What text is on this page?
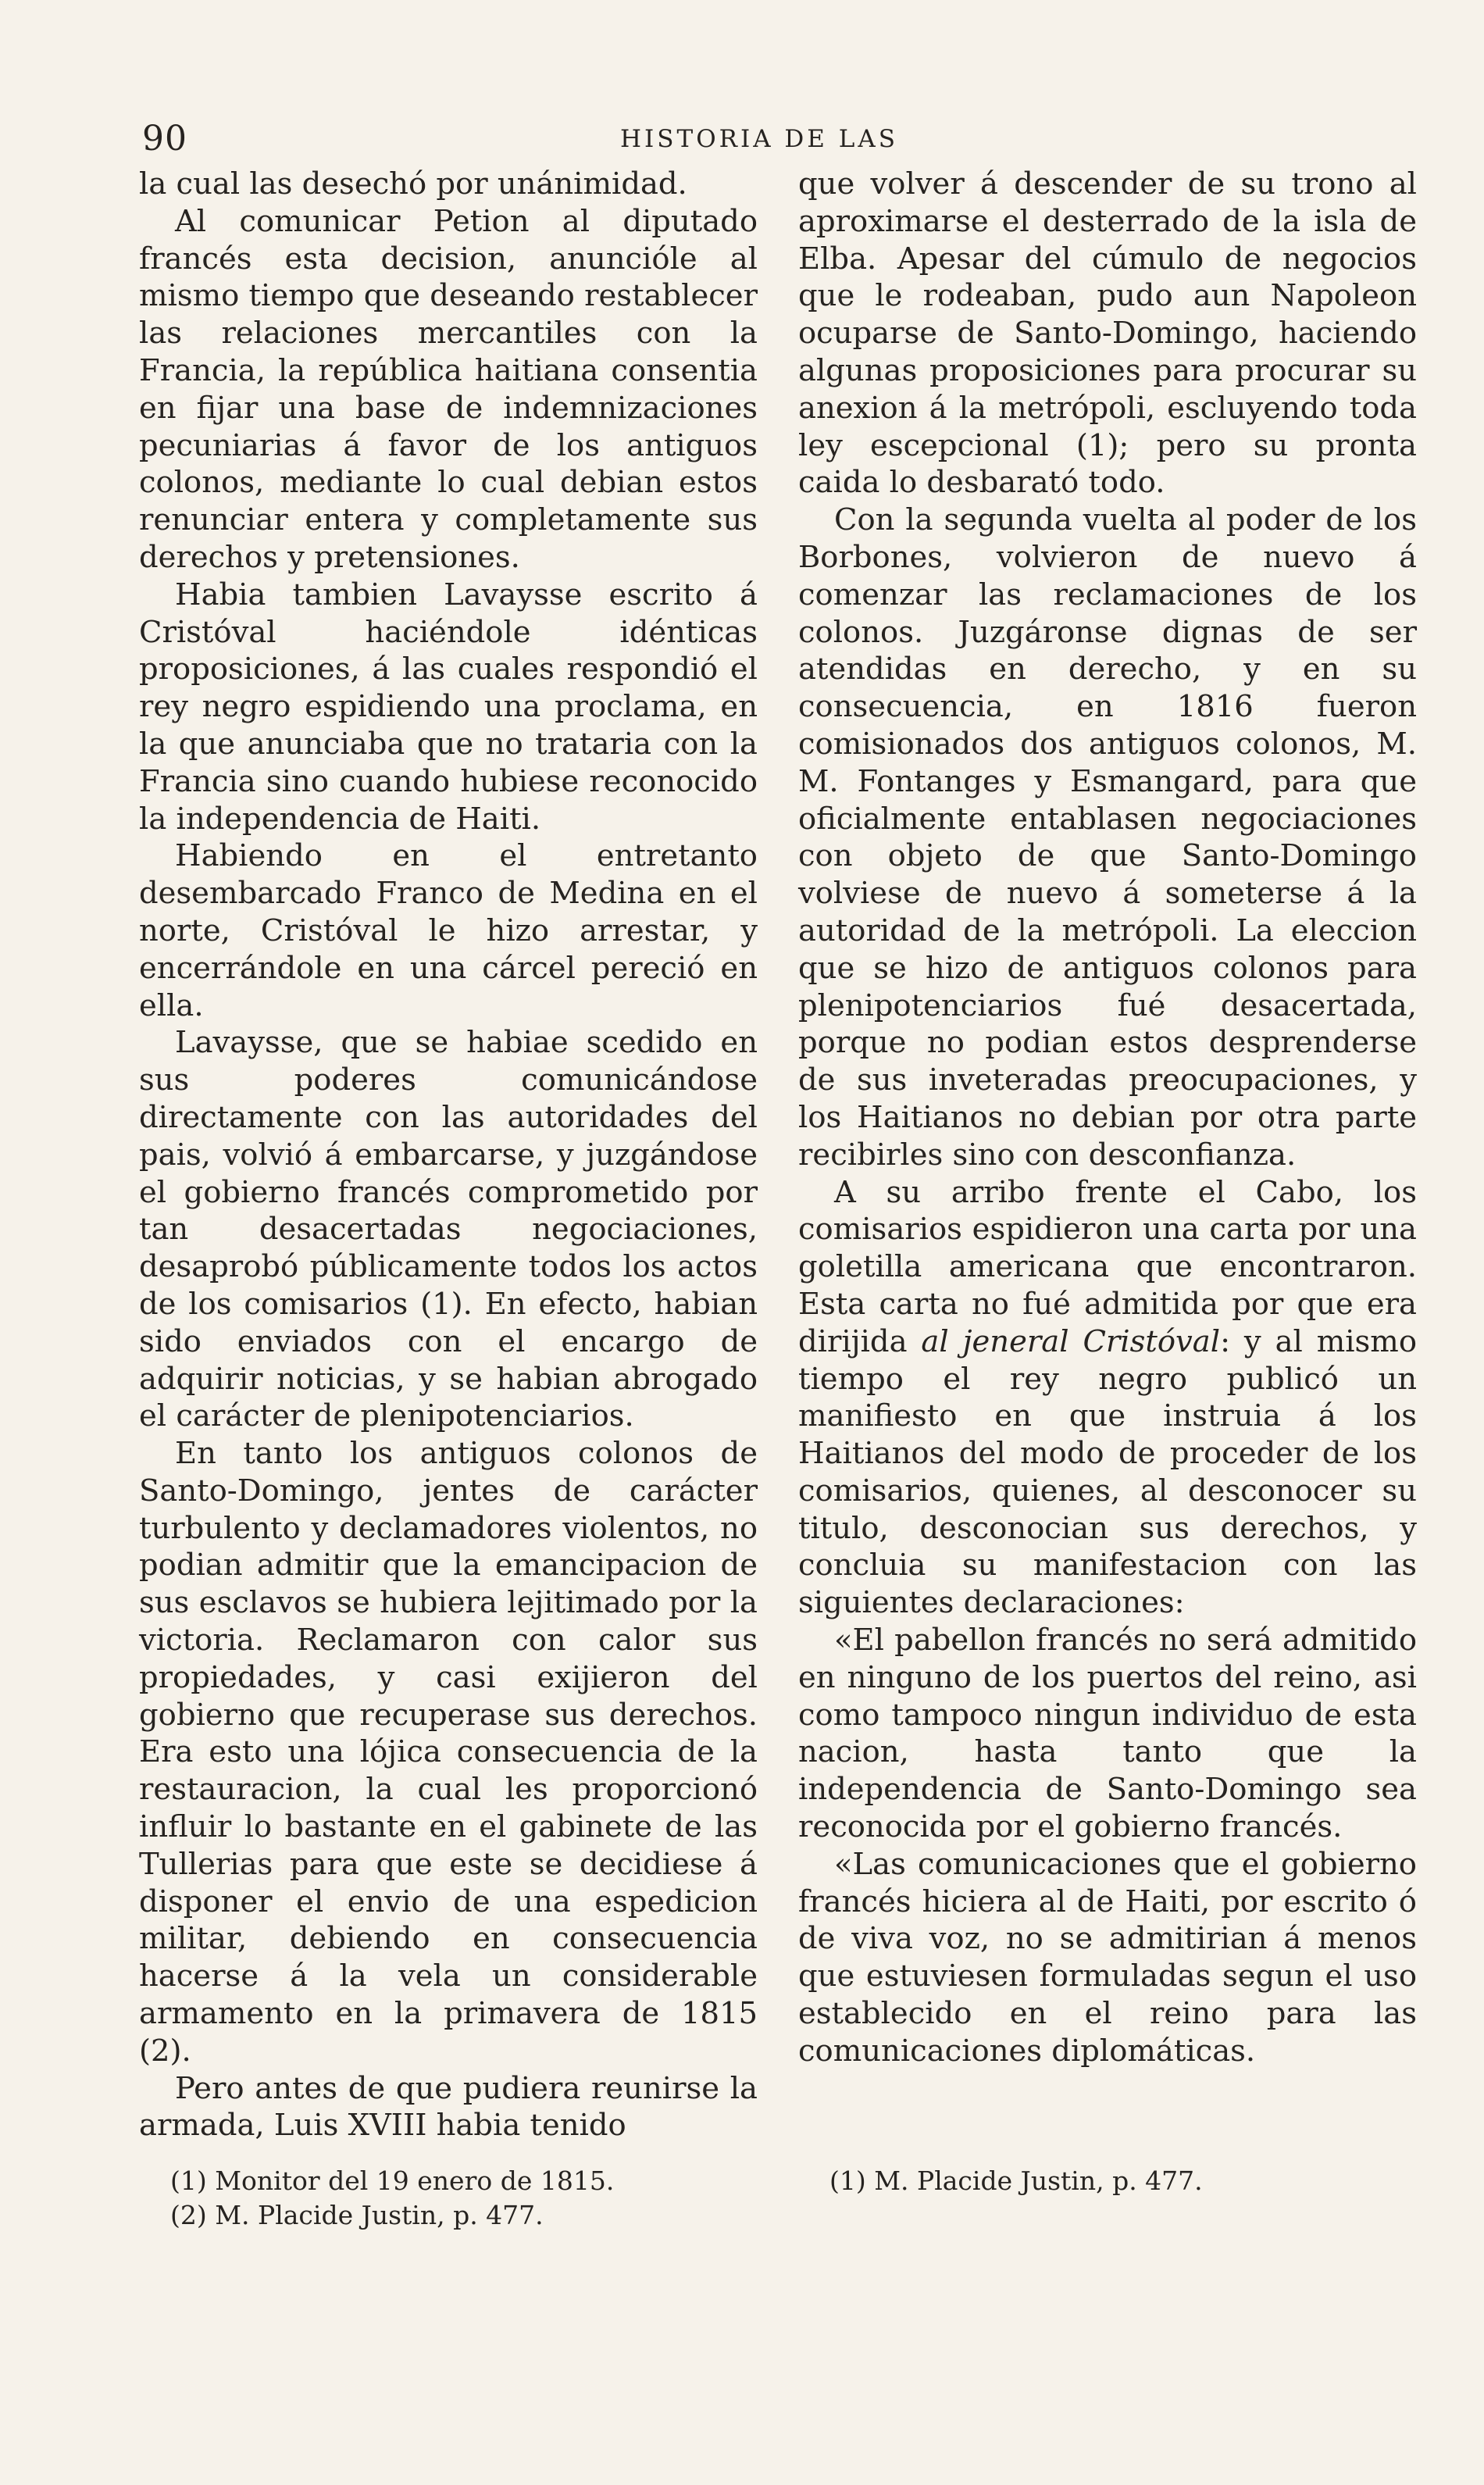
90	HISTORIA DE LAS

la cual las desechó por unánimidad.

Al comunicar Petion al diputado francés esta decision, anuncióle al mismo tiempo que deseando restablecer las relaciones mercantiles con la Francia, la república haitiana consentia en fijar una base de indemnizaciones pecuniarias á favor de los antiguos colonos, mediante lo cual debian estos renunciar entera y completamente sus derechos y pretensiones.

Habia tambien Lavaysse escrito á Cristóval haciéndole idénticas proposiciones, á las cuales respondió el rey negro espidiendo una proclama, en la que anunciaba que no trataria con la Francia sino cuando hubiese reconocido la independencia de Haiti.

Habiendo en el entretanto desembarcado Franco de Medina en el norte, Cristóval le hizo arrestar, y encerrándole en una cárcel pereció en ella.

Lavaysse, que se habiae scedido en sus poderes comunicándose directamente con las autoridades del pais, volvió á embarcarse, y juzgándose el gobierno francés comprometido por tan desacertadas negociaciones, desaprobó públicamente todos los actos de los comisarios (1). En efecto, habian sido enviados con el encargo de adquirir noticias, y se habian abrogado el carácter de plenipotenciarios.

En tanto los antiguos colonos de Santo-Domingo, jentes de carácter turbulento y declamadores violentos, no podian admitir que la emancipacion de sus esclavos se hubiera lejitimado por la victoria. Reclamaron con calor sus propiedades, y casi exijieron del gobierno que recuperase sus derechos. Era esto una lójica consecuencia de la restauracion, la cual les proporcionó influir lo bastante en el gabinete de las Tullerias para que este se decidiese á disponer el envio de una espedicion militar, debiendo en consecuencia hacerse á la vela un considerable armamento en la primavera de 1815 (2).

Pero antes de que pudiera reunirse la armada, Luis XVIII habia tenido

que volver á descender de su trono al aproximarse el desterrado de la isla de Elba. Apesar del cúmulo de negocios que le rodeaban, pudo aun Napoleon ocuparse de Santo-Domingo, haciendo algunas proposiciones para procurar su anexion á la metrópoli, escluyendo toda ley escepcional (1); pero su pronta caida lo desbarató todo.

Con la segunda vuelta al poder de los Borbones, volvieron de nuevo á comenzar las reclamaciones de los colonos. Juzgáronse dignas de ser atendidas en derecho, y en su consecuencia, en 1816 fueron comisionados dos antiguos colonos, M. M. Fontanges y Esmangard, para que oficialmente entablasen negociaciones con objeto de que Santo-Domingo volviese de nuevo á someterse á la autoridad de la metrópoli. La eleccion que se hizo de antiguos colonos para plenipotenciarios fué desacertada, porque no podian estos desprenderse de sus inveteradas preocupaciones, y los Haitianos no debian por otra parte recibirles sino con desconfianza.

A su arribo frente el Cabo, los comisarios espidieron una carta por una goletilla americana que encontraron. Esta carta no fué admitida por que era dirijida al jeneral Cristóval: y al mismo tiempo el rey negro publicó un manifiesto en que instruia á los Haitianos del modo de proceder de los comisarios, quienes, al desconocer su titulo, desconocian sus derechos, y concluia su manifestacion con las siguientes declaraciones:

«El pabellon francés no será admitido en ninguno de los puertos del reino, asi como tampoco ningun individuo de esta nacion, hasta tanto que la independencia de Santo-Domingo sea reconocida por el gobierno francés.

«Las comunicaciones que el gobierno francés hiciera al de Haiti, por escrito ó de viva voz, no se admitirian á menos que estuviesen formuladas segun el uso establecido en el reino para las comunicaciones diplomáticas.

(1) Monitor del 19 enero de 1815.
(2) M. Placide Justin, p. 477.
(1) M. Placide Justin, p. 477.
